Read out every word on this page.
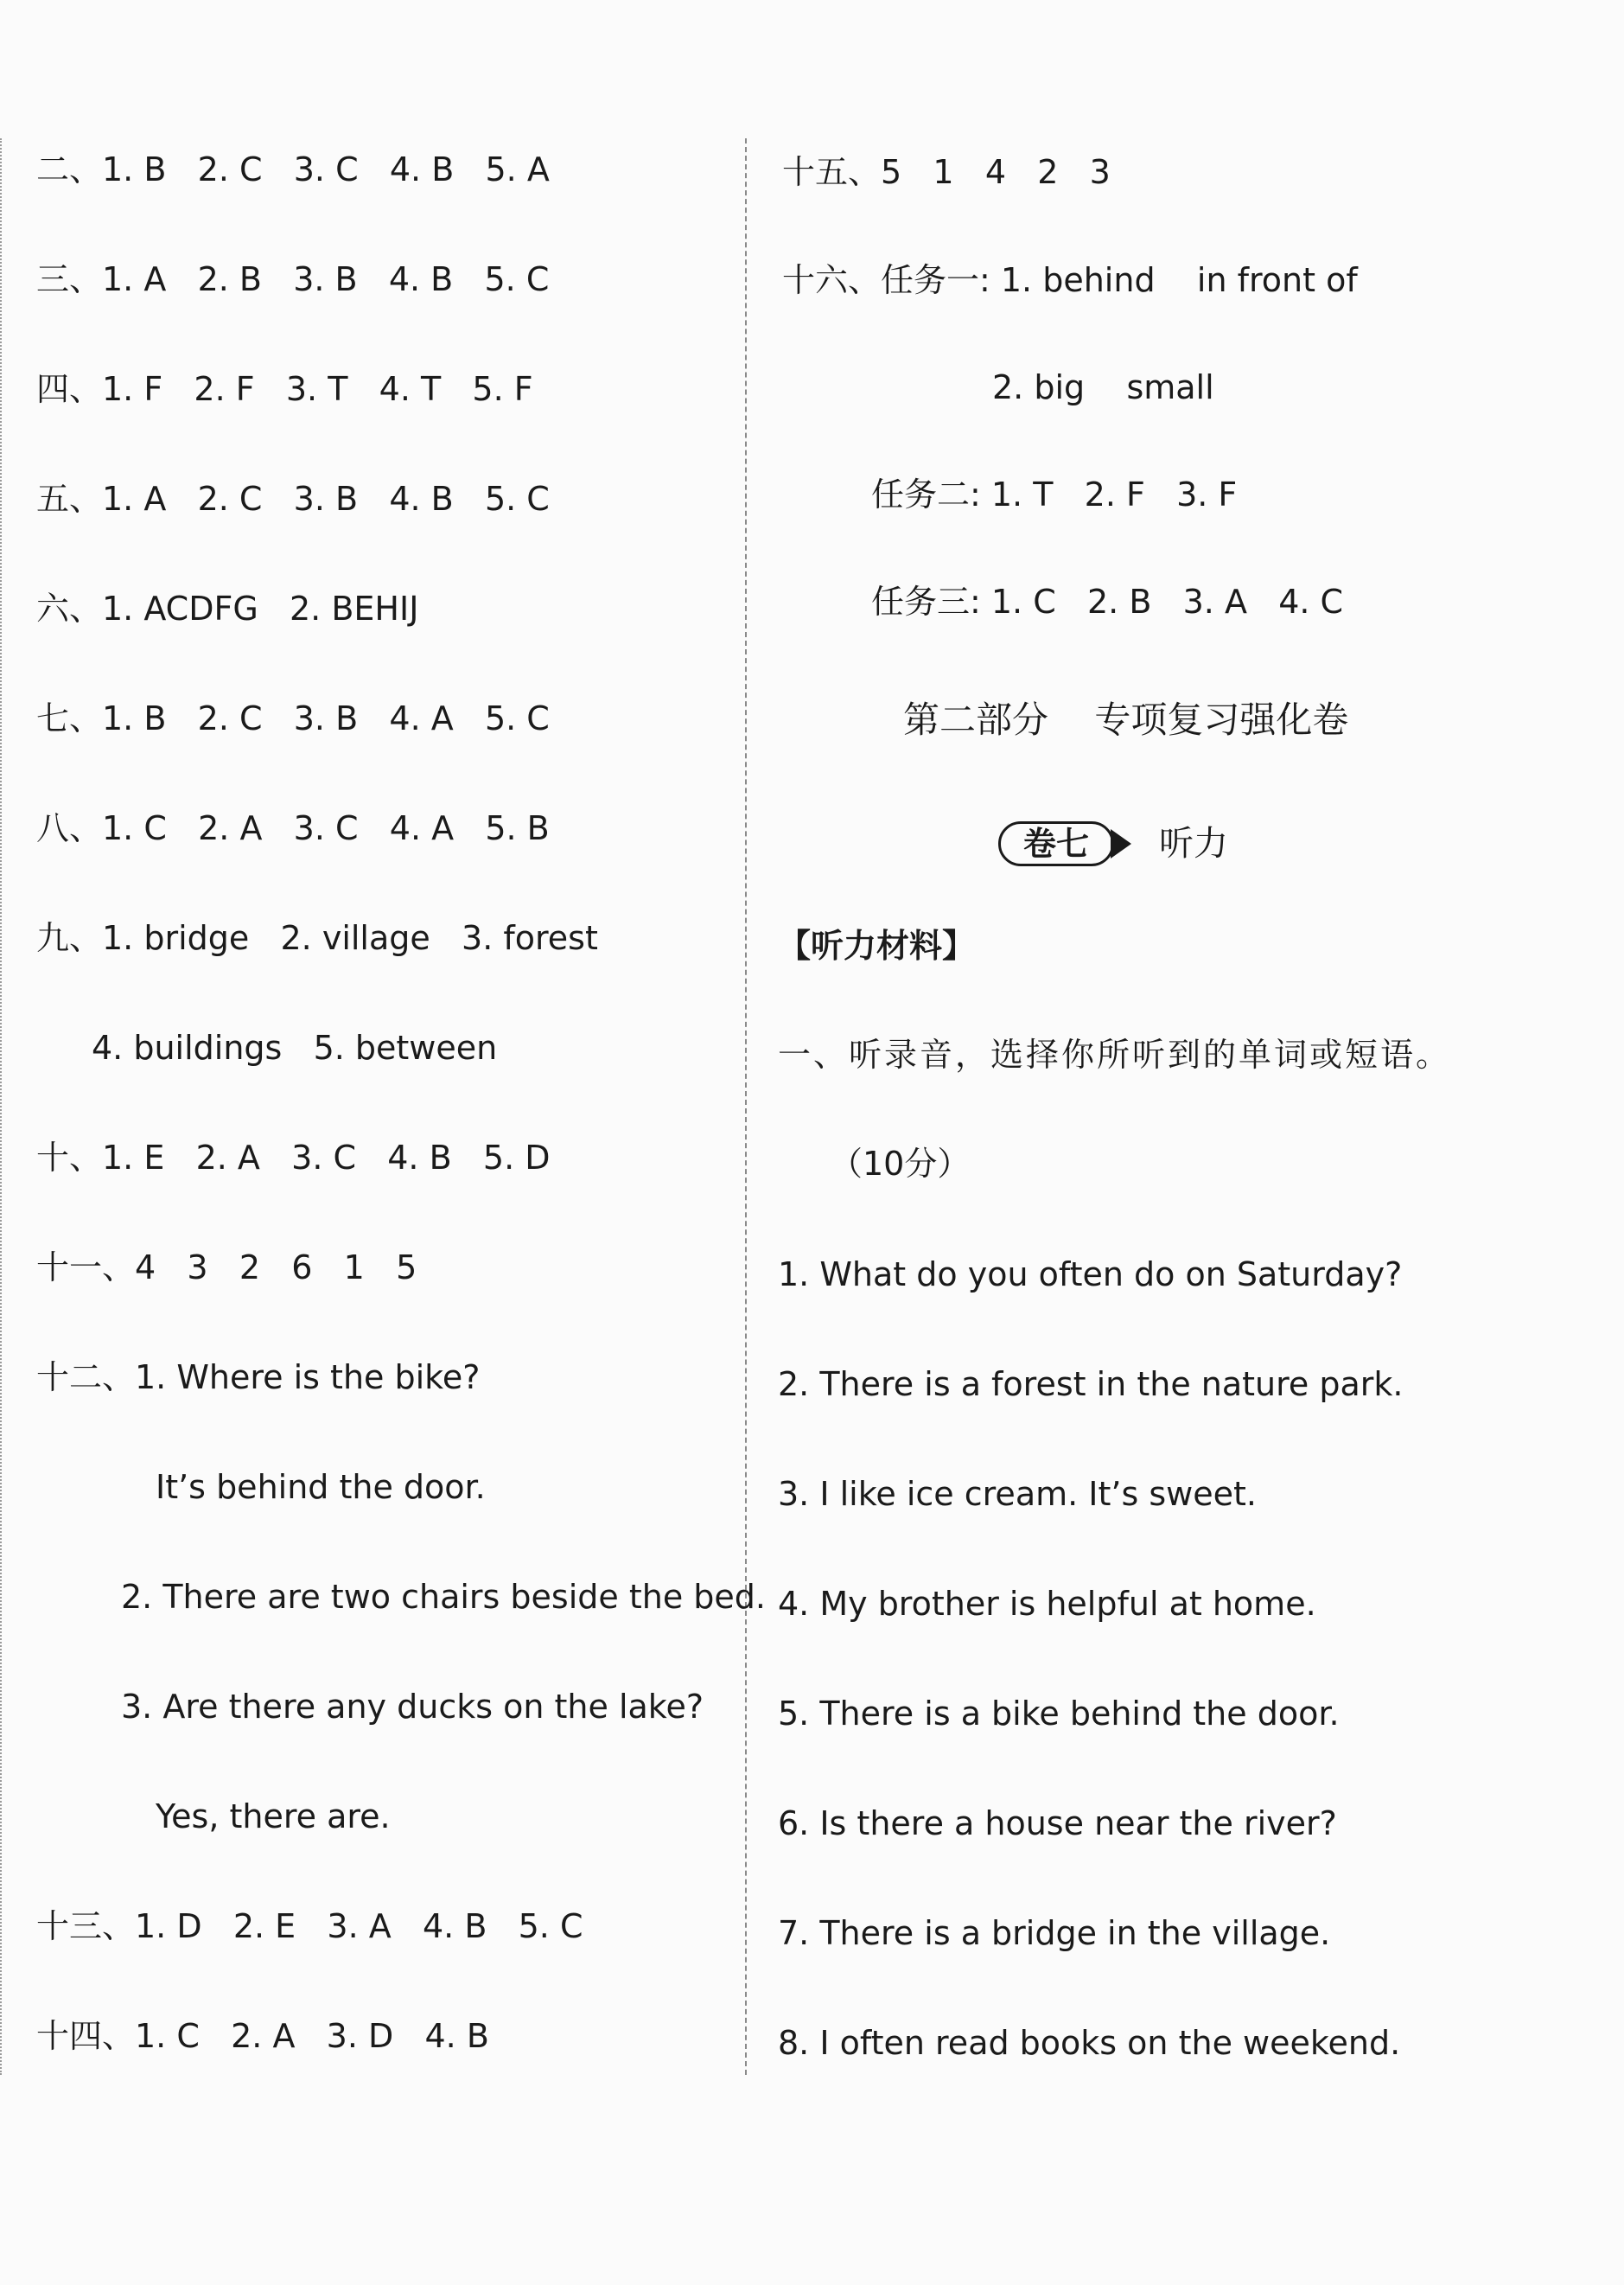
二、1. B   2. C   3. C   4. B   5. A
三、1. A   2. B   3. B   4. B   5. C
四、1. F   2. F   3. T   4. T   5. F
五、1. A   2. C   3. B   4. B   5. C
六、1. ACDFG   2. BEHIJ
七、1. B   2. C   3. B   4. A   5. C
八、1. C   2. A   3. C   4. A   5. B
九、1. bridge   2. village   3. forest
4. buildings   5. between
十、1. E   2. A   3. C   4. B   5. D
十一、4   3   2   6   1   5
十二、1. Where is the bike?
It’s behind the door.
2. There are two chairs beside the bed.
3. Are there any ducks on the lake?
Yes, there are.
十三、1. D   2. E   3. A   4. B   5. C
十四、1. C   2. A   3. D   4. B
十五、5   1   4   2   3
十六、任务一: 1. behind    in front of
2. big    small
任务二: 1. T   2. F   3. F
任务三: 1. C   2. B   3. A   4. C
第二部分    专项复习强化卷
卷七	听力
【听力材料】
一、听录音，选择你所听到的单词或短语。
（10分）
1. What do you often do on Saturday?
2. There is a forest in the nature park.
3. I like ice cream. It’s sweet.
4. My brother is helpful at home.
5. There is a bike behind the door.
6. Is there a house near the river?
7. There is a bridge in the village.
8. I often read books on the weekend.
